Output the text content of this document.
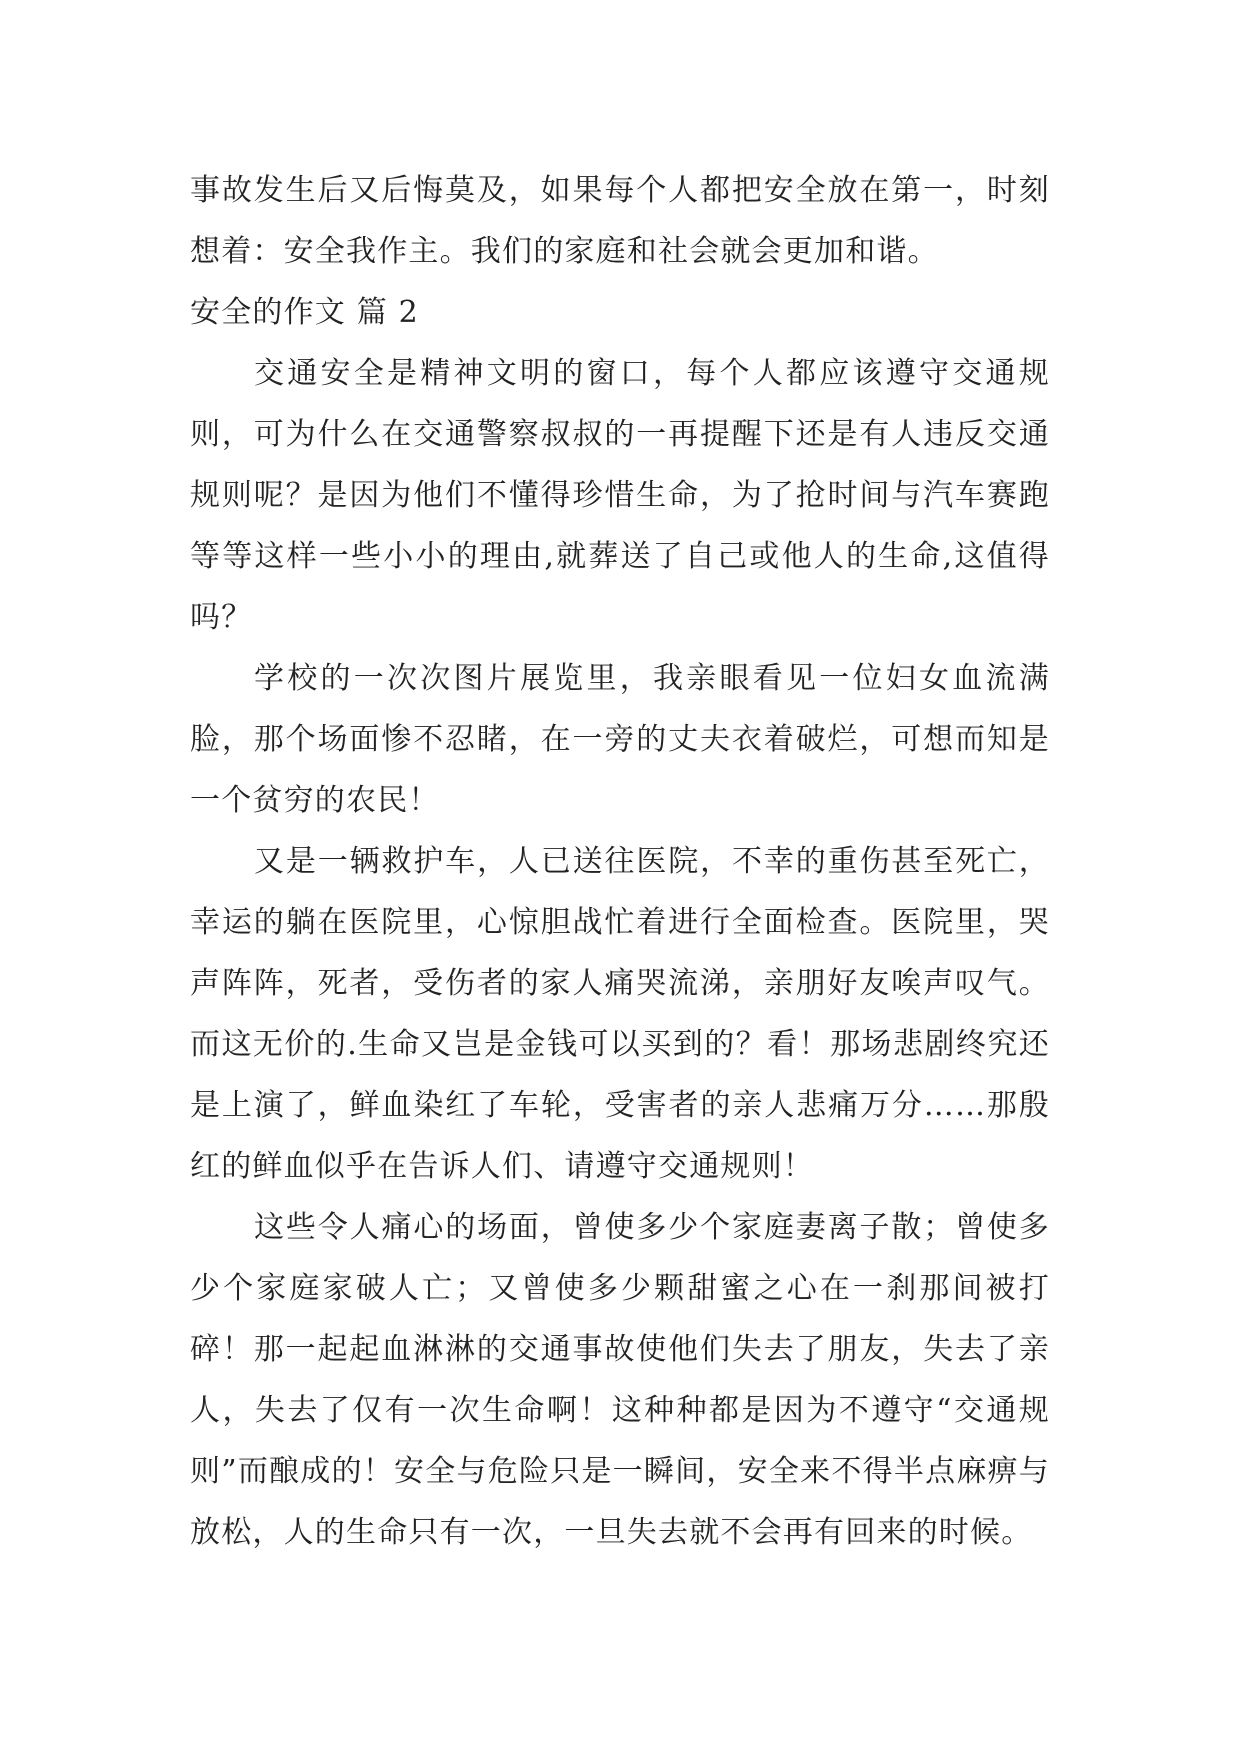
事故发生后又后悔莫及，如果每个人都把安全放在第一，时刻想着：安全我作主。我们的家庭和社会就会更加和谐。

安全的作文 篇 2

交通安全是精神文明的窗口，每个人都应该遵守交通规则，可为什么在交通警察叔叔的一再提醒下还是有人违反交通规则呢？是因为他们不懂得珍惜生命，为了抢时间与汽车赛跑等等这样一些小小的理由,就葬送了自己或他人的生命,这值得吗？

学校的一次次图片展览里，我亲眼看见一位妇女血流满脸，那个场面惨不忍睹，在一旁的丈夫衣着破烂，可想而知是一个贫穷的农民！

又是一辆救护车，人已送往医院，不幸的重伤甚至死亡，幸运的躺在医院里，心惊胆战忙着进行全面检查。医院里，哭声阵阵，死者，受伤者的家人痛哭流涕，亲朋好友唉声叹气。而这无价的.生命又岂是金钱可以买到的？看！那场悲剧终究还是上演了，鲜血染红了车轮，受害者的亲人悲痛万分……那殷红的鲜血似乎在告诉人们、请遵守交通规则！

这些令人痛心的场面，曾使多少个家庭妻离子散；曾使多少个家庭家破人亡；又曾使多少颗甜蜜之心在一刹那间被打碎！那一起起血淋淋的交通事故使他们失去了朋友，失去了亲人，失去了仅有一次生命啊！这种种都是因为不遵守“交通规则”而酿成的！安全与危险只是一瞬间，安全来不得半点麻痹与放松，人的生命只有一次，一旦失去就不会再有回来的时候。
